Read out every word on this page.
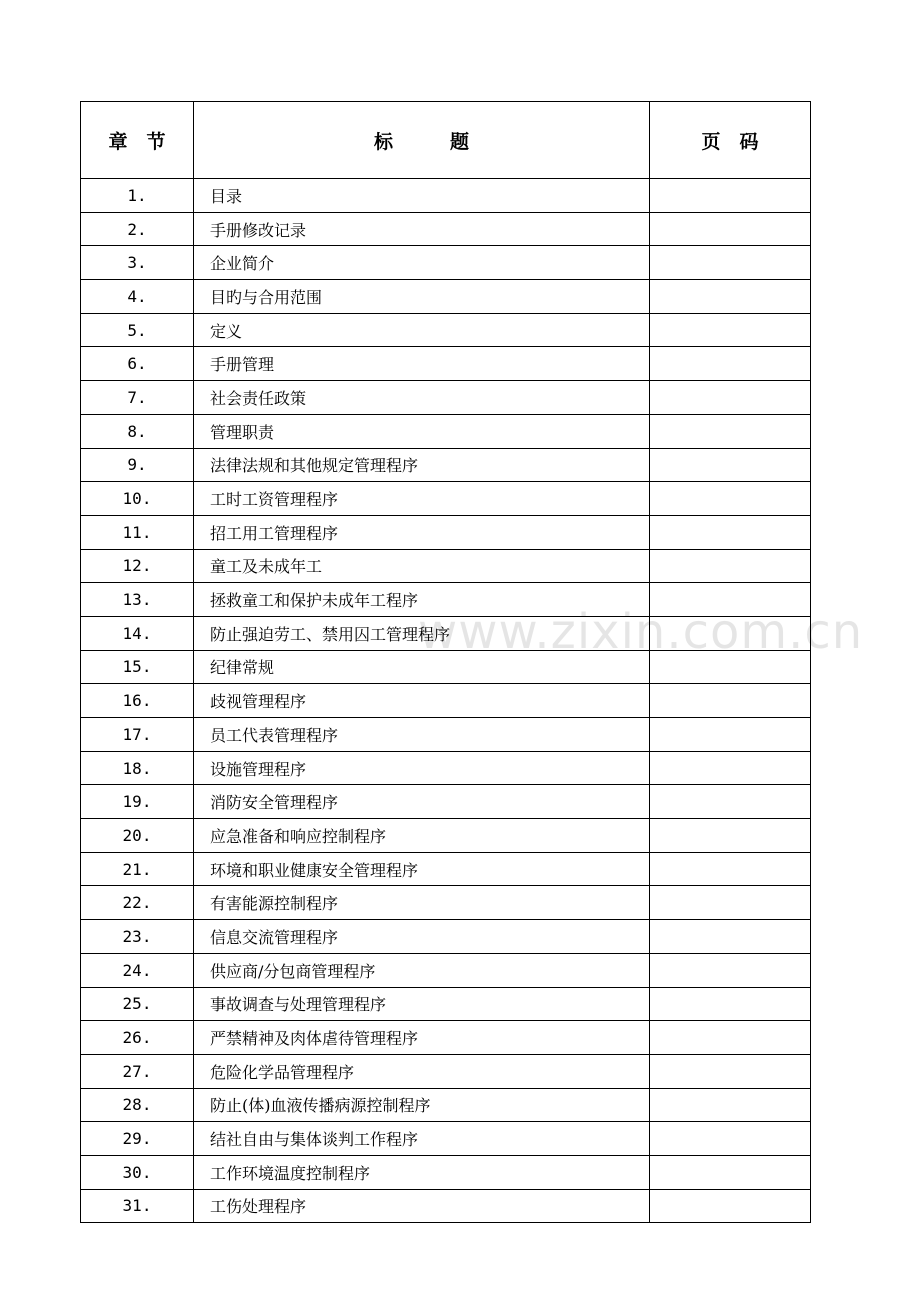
www.zixin.com.cn
章　节	标　　　题	页　码
1.	目录	
2.	手册修改记录	
3.	企业简介	
4.	目旳与合用范围	
5.	定义	
6.	手册管理	
7.	社会责任政策	
8.	管理职责	
9.	法律法规和其他规定管理程序	
10.	工时工资管理程序	
11.	招工用工管理程序	
12.	童工及未成年工	
13.	拯救童工和保护未成年工程序	
14.	防止强迫劳工、禁用囚工管理程序	
15.	纪律常规	
16.	歧视管理程序	
17.	员工代表管理程序	
18.	设施管理程序	
19.	消防安全管理程序	
20.	应急准备和响应控制程序	
21.	环境和职业健康安全管理程序	
22.	有害能源控制程序	
23.	信息交流管理程序	
24.	供应商/分包商管理程序	
25.	事故调查与处理管理程序	
26.	严禁精神及肉体虐待管理程序	
27.	危险化学品管理程序	
28.	防止(体)血液传播病源控制程序	
29.	结社自由与集体谈判工作程序	
30.	工作环境温度控制程序	
31.	工伤处理程序	
